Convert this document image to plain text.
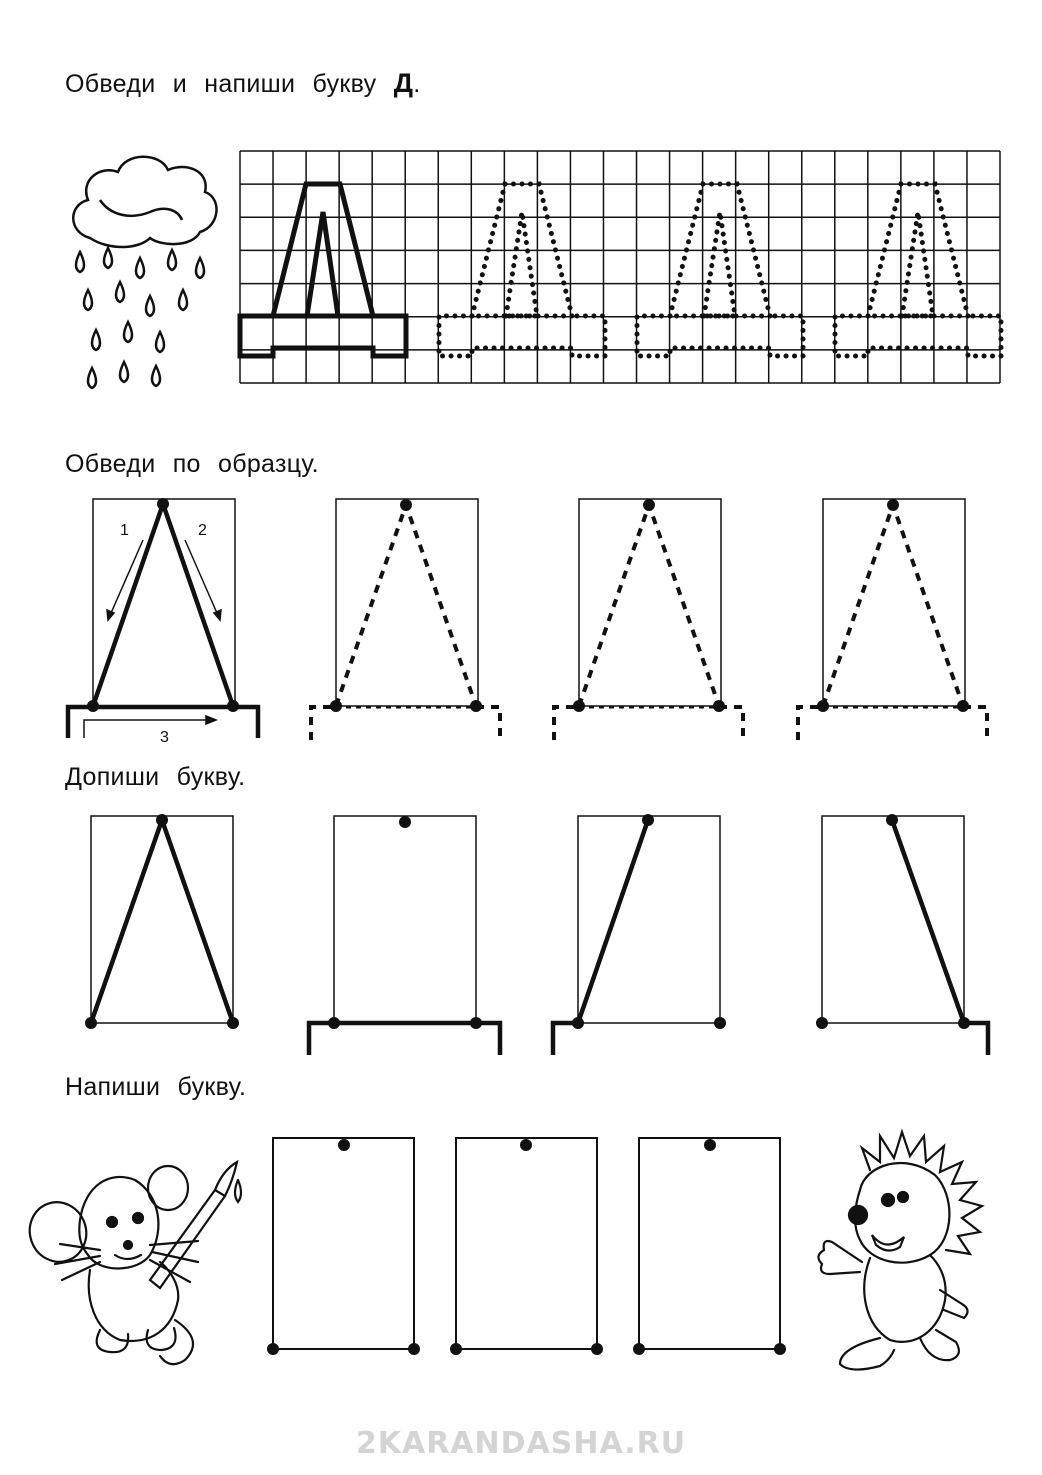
Обведи и напиши букву Д.
Обведи по образцу.
Допиши букву.
Напиши букву.
1	2
3
2KARANDASHA.RU
